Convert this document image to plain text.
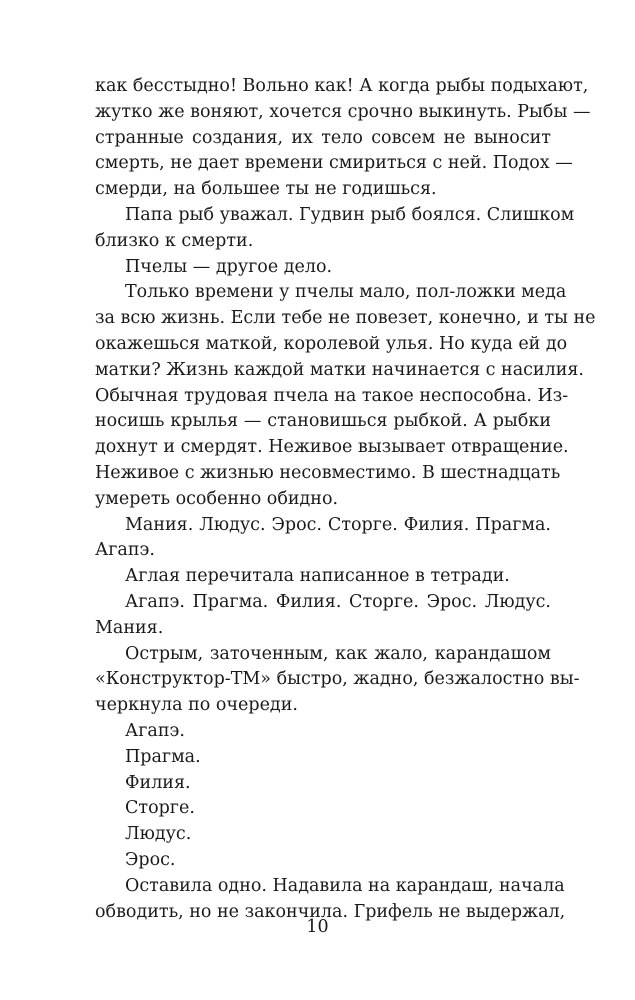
как бесстыдно! Вольно как! А когда рыбы подыхают,
жутко же воняют, хочется срочно выкинуть. Рыбы —
странные создания, их тело совсем не выносит
смерть, не дает времени смириться с ней. Подох —
смерди, на большее ты не годишься.
Папа рыб уважал. Гудвин рыб боялся. Слишком
близко к смерти.
Пчелы — другое дело.
Только времени у пчелы мало, пол-ложки меда
за всю жизнь. Если тебе не повезет, конечно, и ты не
окажешься маткой, королевой улья. Но куда ей до
матки? Жизнь каждой матки начинается с насилия.
Обычная трудовая пчела на такое неспособна. Из-
носишь крылья — становишься рыбкой. А рыбки
дохнут и смердят. Неживое вызывает отвращение.
Неживое с жизнью несовместимо. В шестнадцать
умереть особенно обидно.
Мания. Людус. Эрос. Сторге. Филия. Прагма.
Агапэ.
Аглая перечитала написанное в тетради.
Агапэ. Прагма. Филия. Сторге. Эрос. Людус.
Мания.
Острым, заточенным, как жало, карандашом
«Конструктор-ТМ» быстро, жадно, безжалостно вы-
черкнула по очереди.
Агапэ.
Прагма.
Филия.
Сторге.
Людус.
Эрос.
Оставила одно. Надавила на карандаш, начала
обводить, но не закончила. Грифель не выдержал,
10
